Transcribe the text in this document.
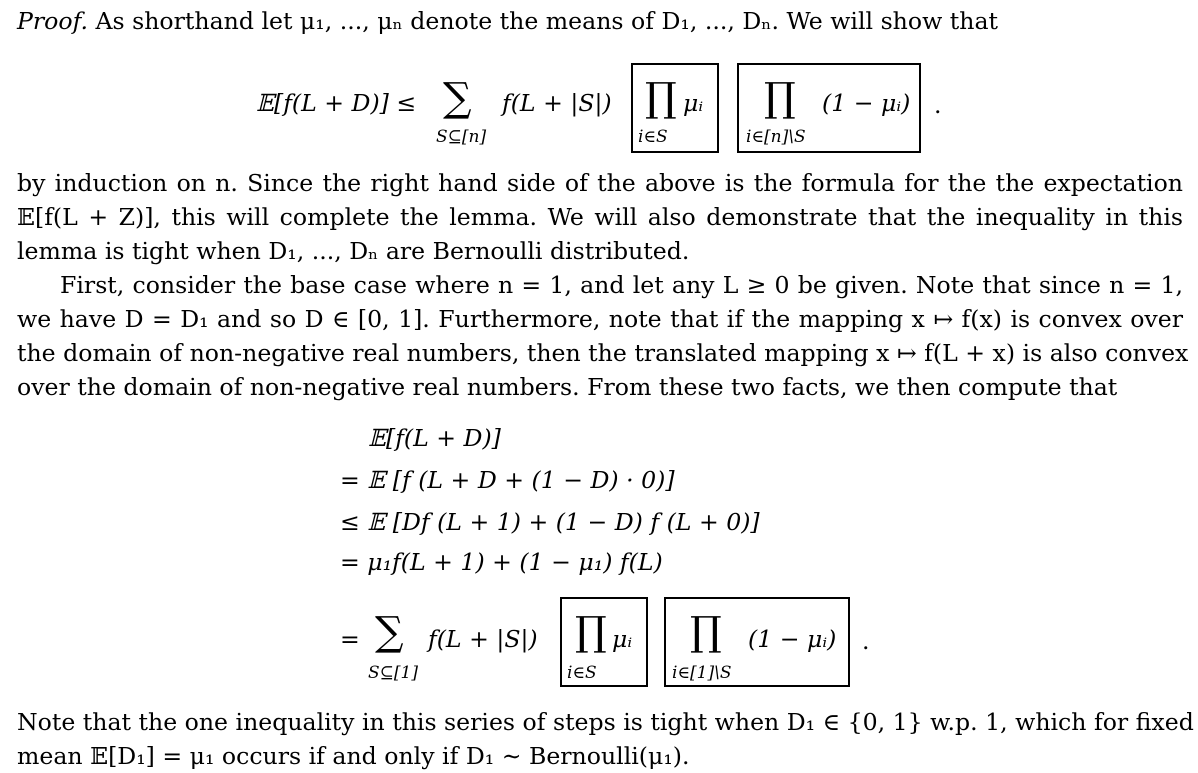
Proof. As shorthand let μ₁, ..., μₙ denote the means of D₁, ..., Dₙ. We will show that
𝔼[f(L + D)] ≤ ∑
S⊆[n]
f(L + |S|) ∏ μᵢ
i∈S
∏ (1 − μᵢ)
i∈[n]\S
.
by induction on n. Since the right hand side of the above is the formula for the the expectation
𝔼[f(L + Z)], this will complete the lemma. We will also demonstrate that the inequality in this
lemma is tight when D₁, ..., Dₙ are Bernoulli distributed.
First, consider the base case where n = 1, and let any L ≥ 0 be given. Note that since n = 1,
we have D = D₁ and so D ∈ [0, 1]. Furthermore, note that if the mapping x ↦ f(x) is convex over
the domain of non-negative real numbers, then the translated mapping x ↦ f(L + x) is also convex
over the domain of non-negative real numbers. From these two facts, we then compute that
𝔼[f(L + D)]
= 𝔼 [f (L + D + (1 − D) · 0)]
≤ 𝔼 [Df (L + 1) + (1 − D) f (L + 0)]
= μ₁f(L + 1) + (1 − μ₁) f(L)
= ∑
S⊆[1]
f(L + |S|) ∏ μᵢ
i∈S
∏ (1 − μᵢ)
i∈[1]\S
.
Note that the one inequality in this series of steps is tight when D₁ ∈ {0, 1} w.p. 1, which for fixed
mean 𝔼[D₁] = μ₁ occurs if and only if D₁ ∼ Bernoulli(μ₁).
